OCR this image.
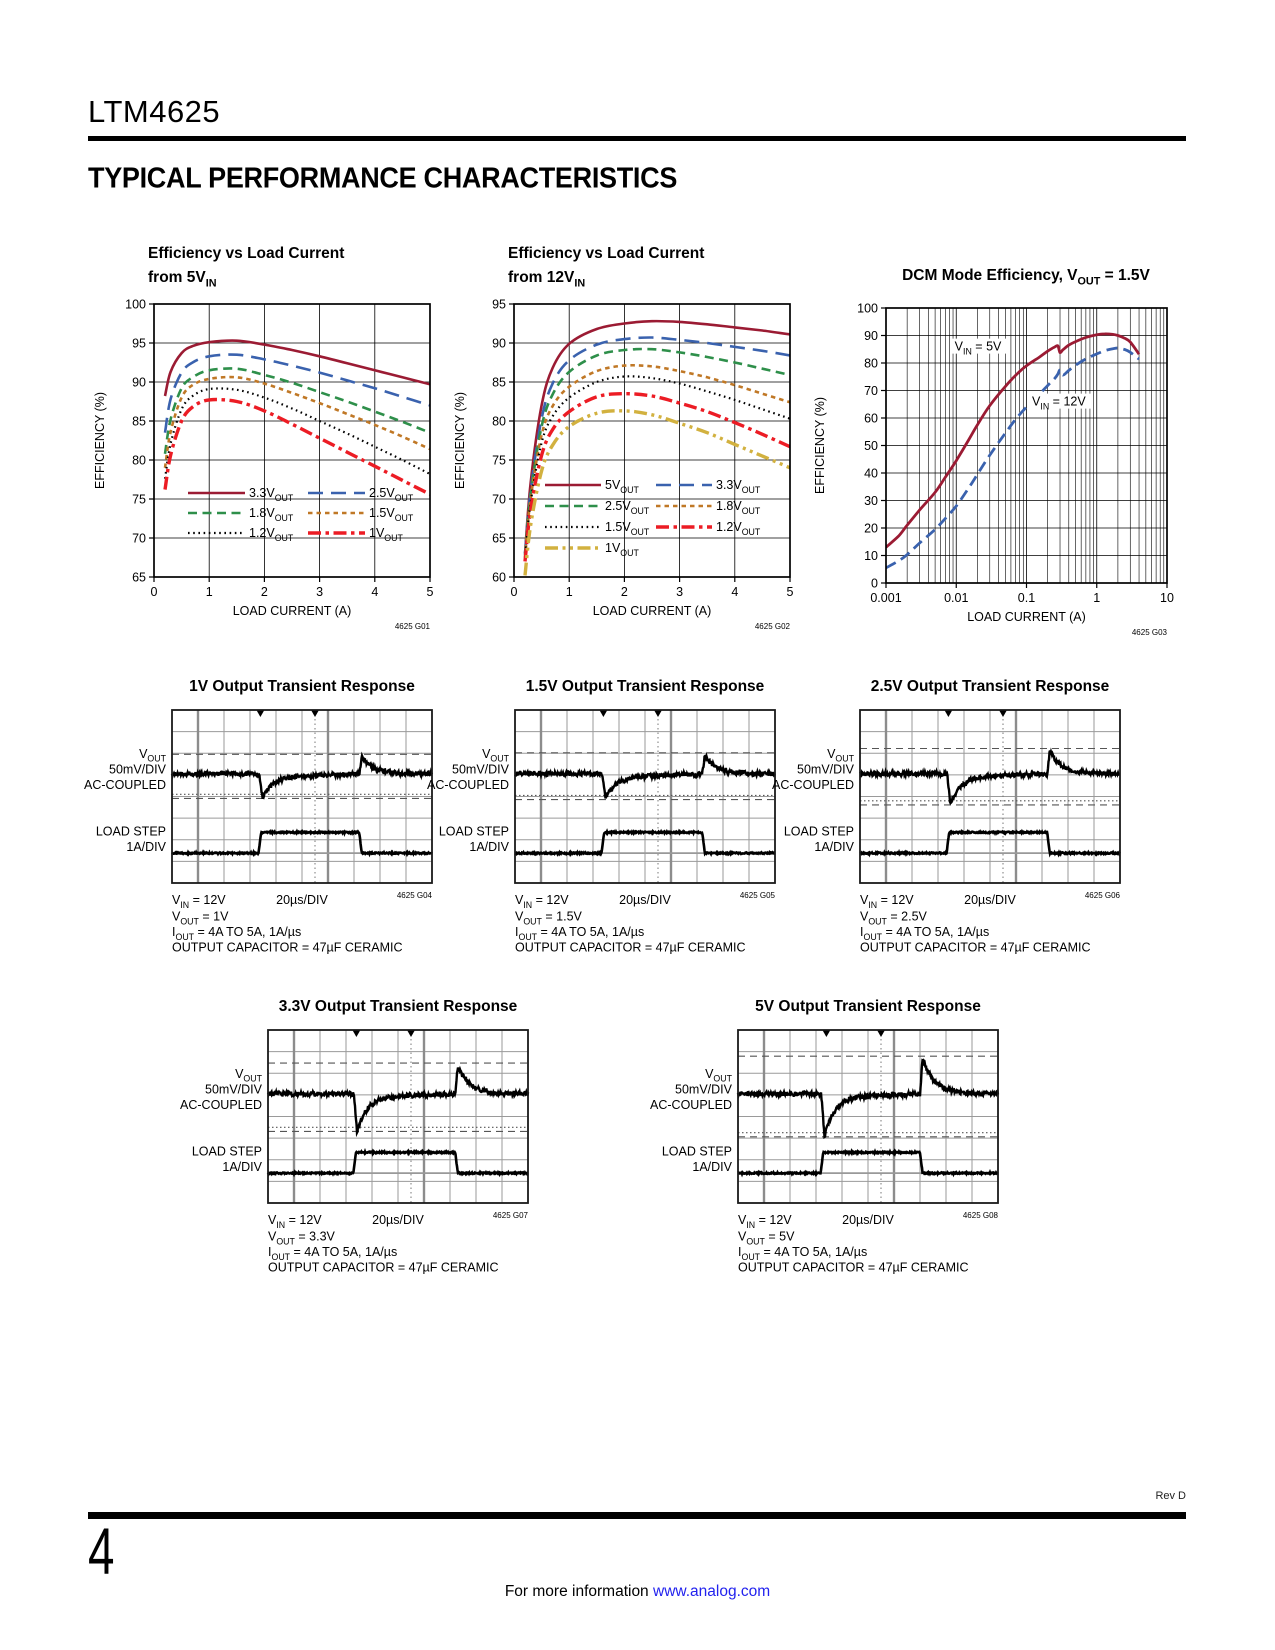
LTM4625
TYPICAL PERFORMANCE CHARACTERISTICS
Efficiency vs Load Current
from $5V_{IN}$
65
70
75
80
85
90
95
100
0	1	2	3	4	5
LOAD CURRENT (A)
EFFICIENCY (%)
4625 G01
$3.3V_{OUT}$	$2.5V_{OUT}$
$1.8V_{OUT}$	$1.5V_{OUT}$
$1.2V_{OUT}$	$1V_{OUT}$
Efficiency vs Load Current
from $12V_{IN}$
60
65
70
75
80
85
90
95
0	1	2	3	4	5
LOAD CURRENT (A)
EFFICIENCY (%)
4625 G02
$5V_{OUT}$	$3.3V_{OUT}$
$2.5V_{OUT}$	$1.8V_{OUT}$
$1.5V_{OUT}$	$1.2V_{OUT}$
$1V_{OUT}$
DCM Mode Efficiency, $V_{OUT} = 1.5V$
0
10
20
30
40
50
60
70
80
90
100
0.001	0.01	0.1	1	10
LOAD CURRENT (A)
EFFICIENCY (%)
4625 G03
$V_{IN} = 5V$
$V_{IN} = 12V$
1V Output Transient Response
$V_{OUT}$
50mV/DIV
AC-COUPLED
LOAD STEP
1A/DIV
$V_{IN} = 12V$	20µs/DIV	4625 G04
$V_{OUT} = 1V$
$I_{OUT} = 4A$ TO 5A, 1A/µs
OUTPUT CAPACITOR = 47µF CERAMIC
1.5V Output Transient Response
$V_{OUT}$
50mV/DIV
AC-COUPLED
LOAD STEP
1A/DIV
$V_{IN} = 12V$	20µs/DIV	4625 G05
$V_{OUT} = 1.5V$
$I_{OUT} = 4A$ TO 5A, 1A/µs
OUTPUT CAPACITOR = 47µF CERAMIC
2.5V Output Transient Response
$V_{OUT}$
50mV/DIV
AC-COUPLED
LOAD STEP
1A/DIV
$V_{IN} = 12V$	20µs/DIV	4625 G06
$V_{OUT} = 2.5V$
$I_{OUT} = 4A$ TO 5A, 1A/µs
OUTPUT CAPACITOR = 47µF CERAMIC
3.3V Output Transient Response
$V_{OUT}$
50mV/DIV
AC-COUPLED
LOAD STEP
1A/DIV
$V_{IN} = 12V$	20µs/DIV	4625 G07
$V_{OUT} = 3.3V$
$I_{OUT} = 4A$ TO 5A, 1A/µs
OUTPUT CAPACITOR = 47µF CERAMIC
5V Output Transient Response
$V_{OUT}$
50mV/DIV
AC-COUPLED
LOAD STEP
1A/DIV
$V_{IN} = 12V$	20µs/DIV	4625 G08
$V_{OUT} = 5V$
$I_{OUT} = 4A$ TO 5A, 1A/µs
OUTPUT CAPACITOR = 47µF CERAMIC
Rev D
4
For more information www.analog.com
